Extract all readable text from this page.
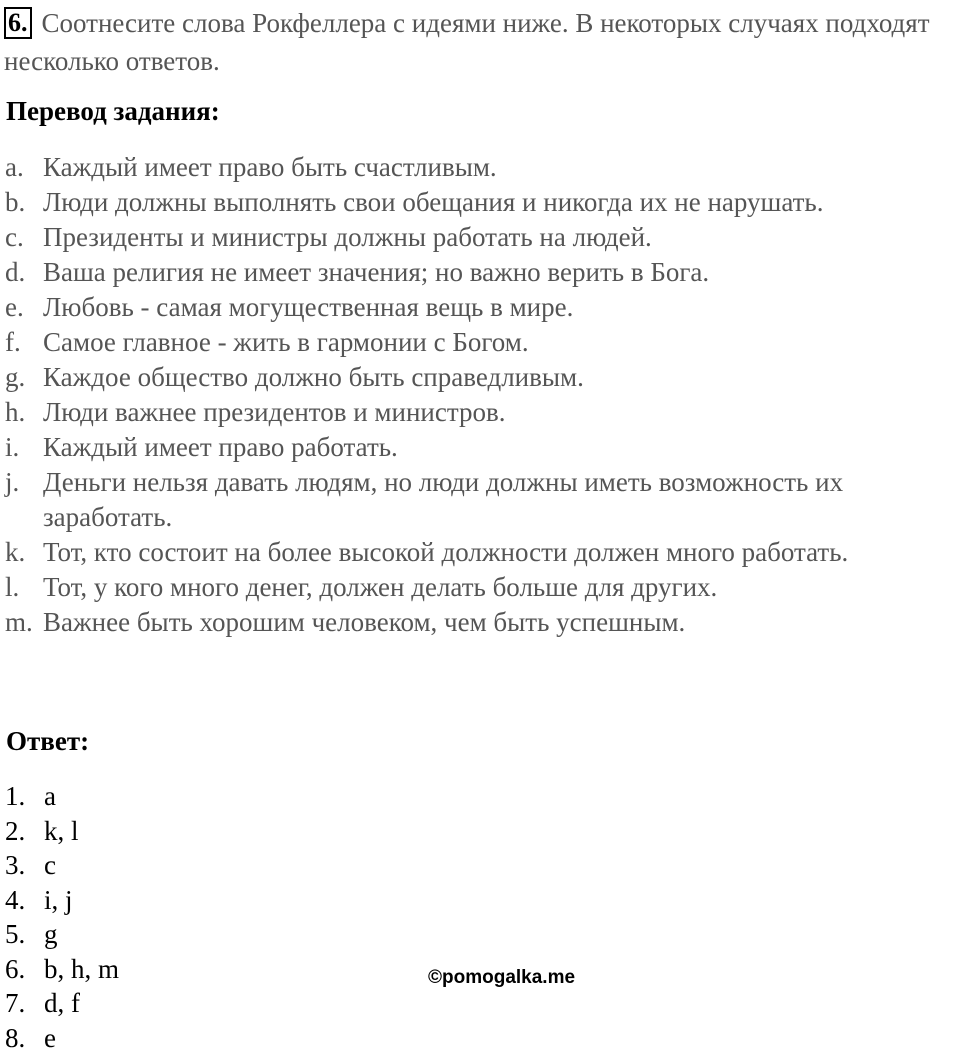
6. Соотнесите слова Рокфеллера с идеями ниже. В некоторых случаях подходят несколько ответов.
Перевод задания:
a. Каждый имеет право быть счастливым.
b. Люди должны выполнять свои обещания и никогда их не нарушать.
c. Президенты и министры должны работать на людей.
d. Ваша религия не имеет значения; но важно верить в Бога.
e. Любовь - самая могущественная вещь в мире.
f. Самое главное - жить в гармонии с Богом.
g. Каждое общество должно быть справедливым.
h. Люди важнее президентов и министров.
i. Каждый имеет право работать.
j. Деньги нельзя давать людям, но люди должны иметь возможность их заработать.
k. Тот, кто состоит на более высокой должности должен много работать.
l. Тот, у кого много денег, должен делать больше для других.
m. Важнее быть хорошим человеком, чем быть успешным.
Ответ:
1. a
2. k, l
3. c
4. i, j
5. g
6. b, h, m
7. d, f
8. e
©pomogalka.me
